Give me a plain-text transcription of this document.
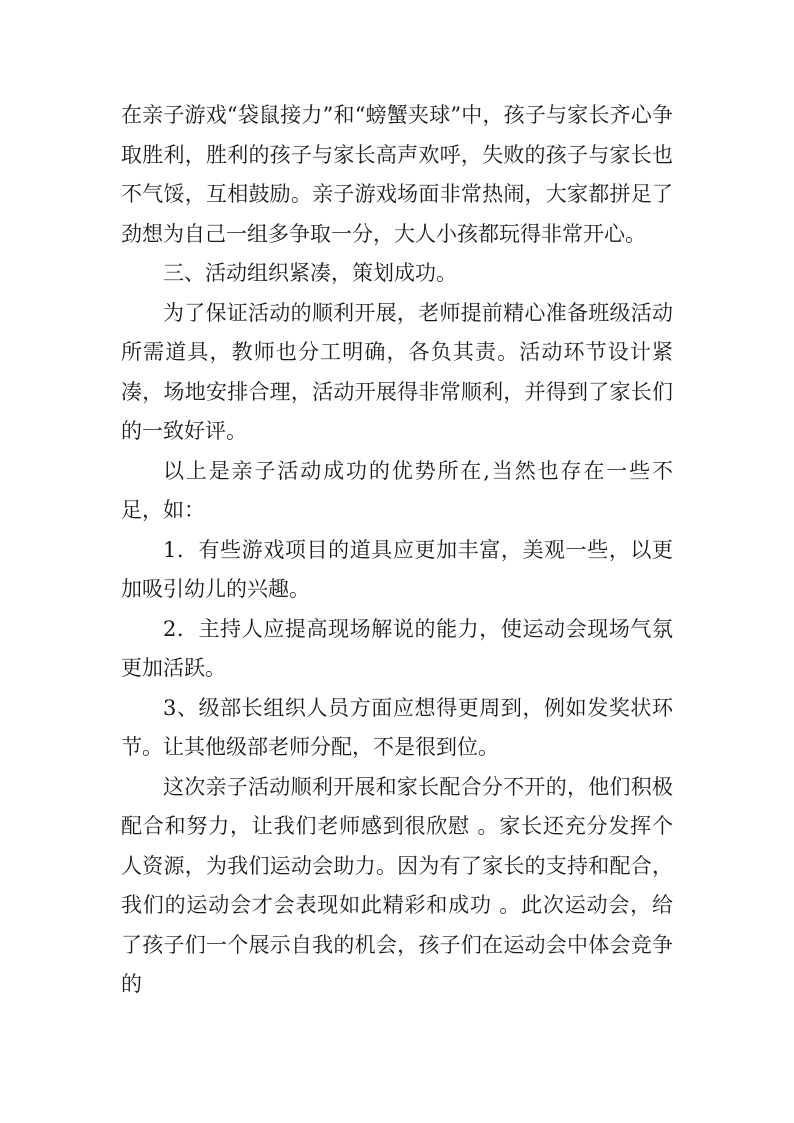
在亲子游戏“袋鼠接力”和“螃蟹夹球”中，孩子与家长齐心争取胜利，胜利的孩子与家长高声欢呼，失败的孩子与家长也不气馁，互相鼓励。亲子游戏场面非常热闹，大家都拼足了劲想为自己一组多争取一分，大人小孩都玩得非常开心。

三、活动组织紧凑，策划成功。

为了保证活动的顺利开展，老师提前精心准备班级活动所需道具，教师也分工明确，各负其责。活动环节设计紧凑，场地安排合理，活动开展得非常顺利，并得到了家长们的一致好评。

以上是亲子活动成功的优势所在,当然也存在一些不足，如：

1．有些游戏项目的道具应更加丰富，美观一些，以更加吸引幼儿的兴趣。

2．主持人应提高现场解说的能力，使运动会现场气氛更加活跃。

3、级部长组织人员方面应想得更周到，例如发奖状环节。让其他级部老师分配，不是很到位。

这次亲子活动顺利开展和家长配合分不开的，他们积极配合和努力，让我们老师感到很欣慰 。家长还充分发挥个人资源，为我们运动会助力。因为有了家长的支持和配合，我们的运动会才会表现如此精彩和成功 。此次运动会，给了孩子们一个展示自我的机会，孩子们在运动会中体会竞争的
